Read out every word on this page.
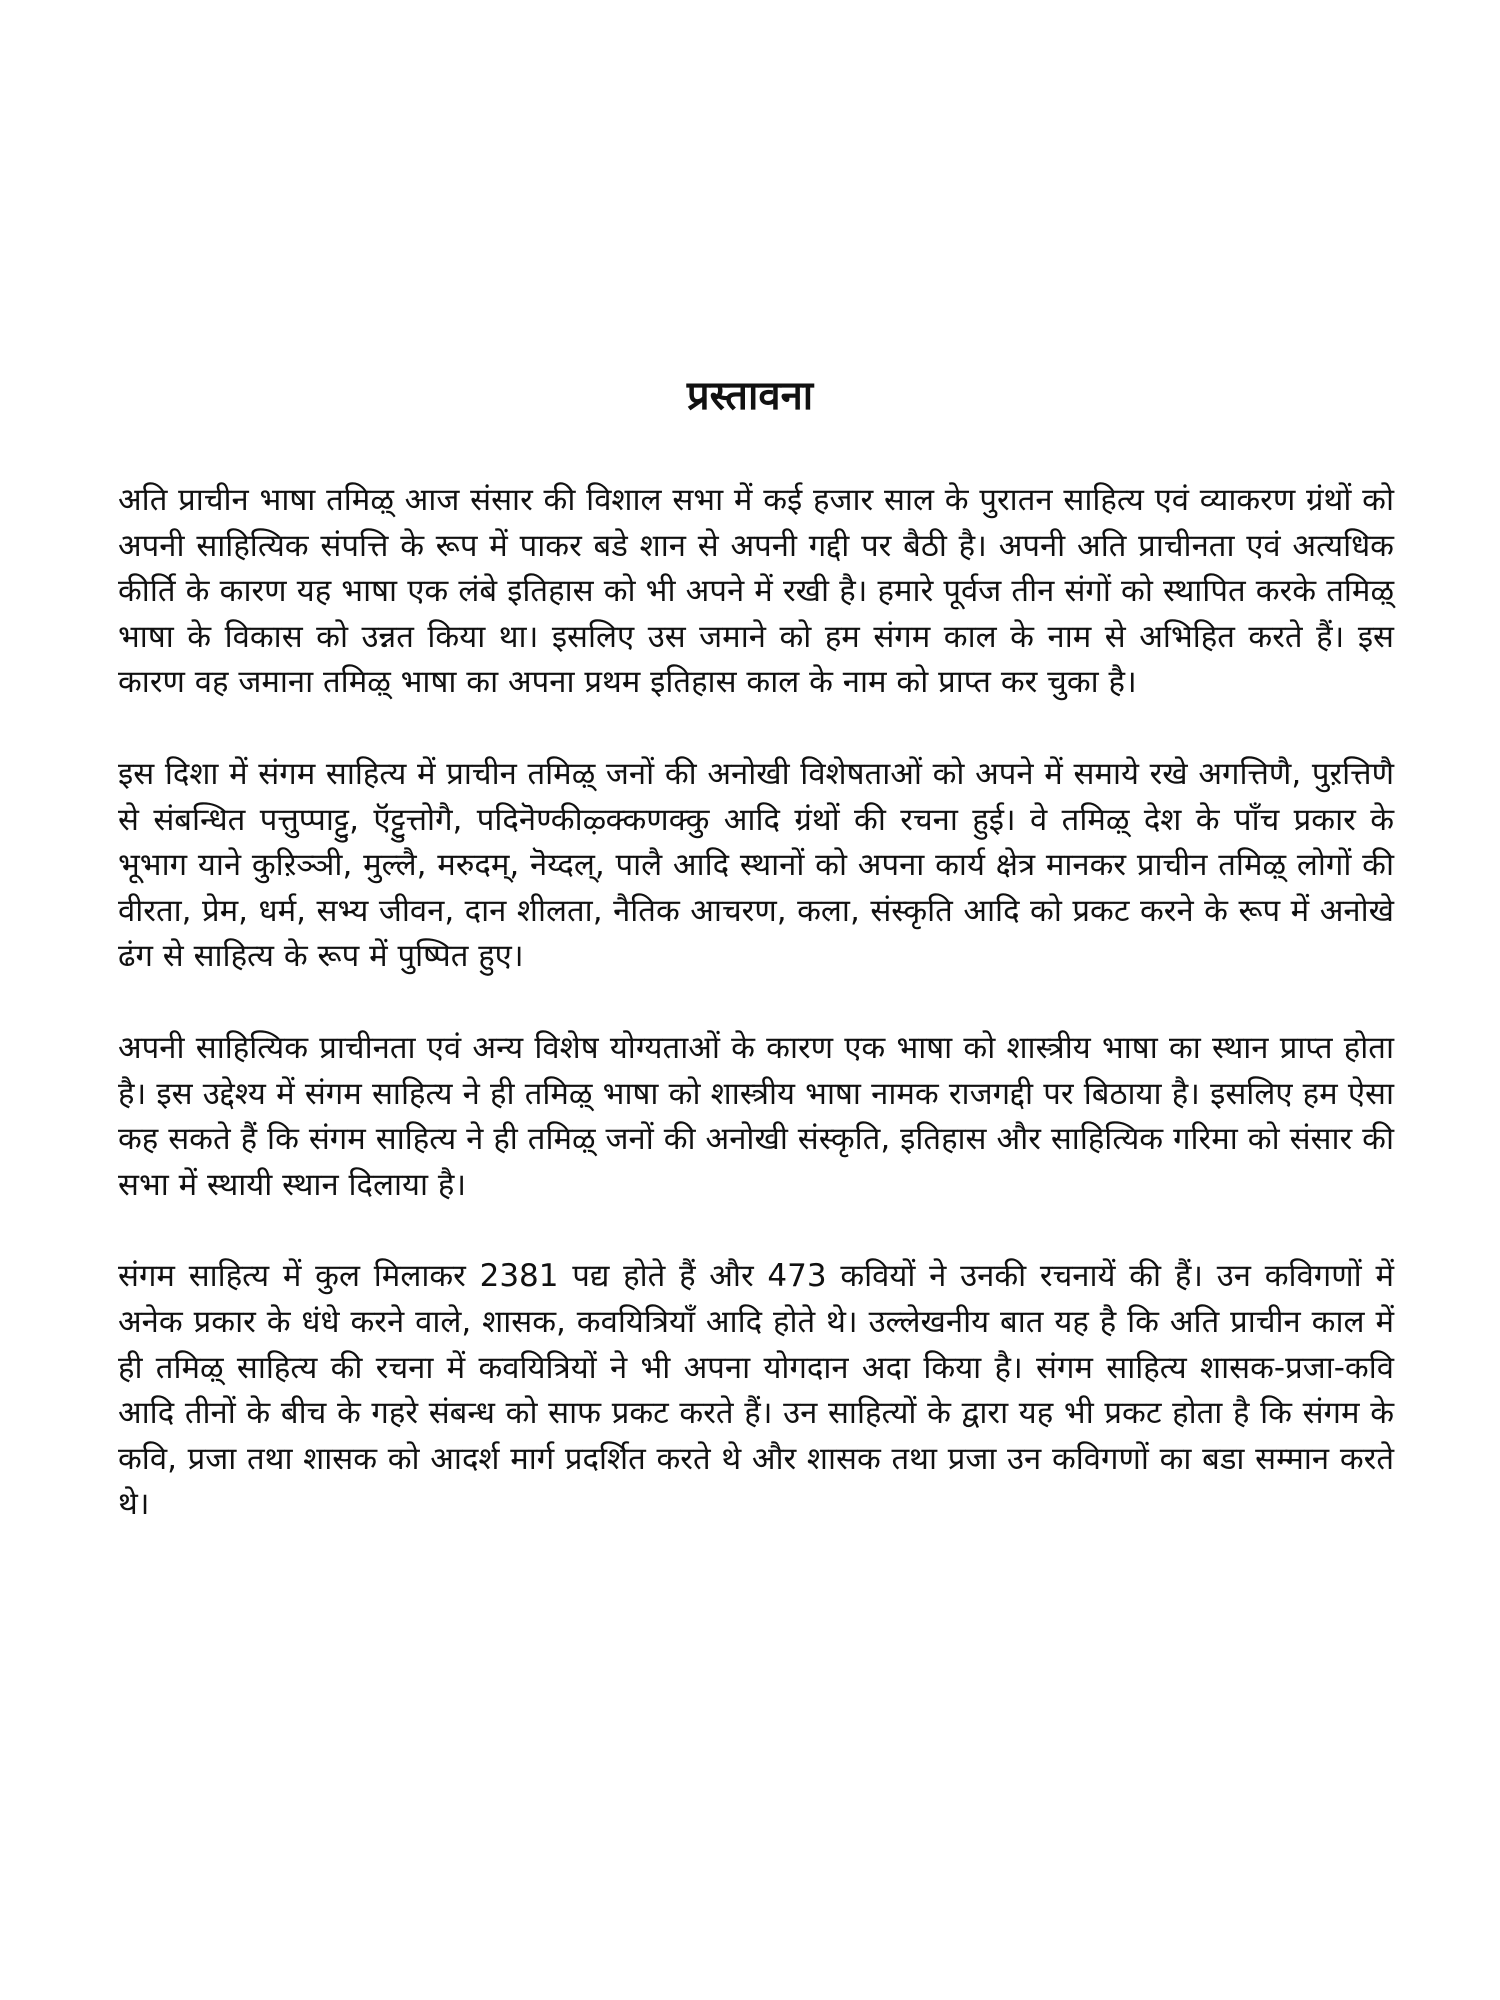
प्रस्तावना

अति प्राचीन भाषा तमिऴ् आज संसार की विशाल सभा में कई हजार साल के पुरातन साहित्य एवं व्याकरण ग्रंथों को अपनी साहित्यिक संपत्ति के रूप में पाकर बडे शान से अपनी गद्दी पर बैठी है। अपनी अति प्राचीनता एवं अत्यधिक कीर्ति के कारण यह भाषा एक लंबे इतिहास को भी अपने में रखी है। हमारे पूर्वज तीन संगों को स्थापित करके तमिऴ् भाषा के विकास को उन्नत किया था। इसलिए उस जमाने को हम संगम काल के नाम से अभिहित करते हैं। इस कारण वह जमाना तमिऴ् भाषा का अपना प्रथम इतिहास काल के नाम को प्राप्त कर चुका है।

इस दिशा में संगम साहित्य में प्राचीन तमिऴ् जनों की अनोखी विशेषताओं को अपने में समाये रखे अगत्तिणै, पुऱत्तिणै से संबन्धित पत्तुप्पाट्टु, ऍट्टुत्तोगै, पदिनॆण्कीऴ्क्कणक्कु आदि ग्रंथों की रचना हुई। वे तमिऴ् देश के पाँच प्रकार के भूभाग याने कुऱिञ्ञी, मुल्लै, मरुदम्, नॆय्दल्, पालै आदि स्थानों को अपना कार्य क्षेत्र मानकर प्राचीन तमिऴ् लोगों की वीरता, प्रेम, धर्म, सभ्य जीवन, दान शीलता, नैतिक आचरण, कला, संस्कृति आदि को प्रकट करने के रूप में अनोखे ढंग से साहित्य के रूप में पुष्पित हुए।

अपनी साहित्यिक प्राचीनता एवं अन्य विशेष योग्यताओं के कारण एक भाषा को शास्त्रीय भाषा का स्थान प्राप्त होता है। इस उद्देश्य में संगम साहित्य ने ही तमिऴ् भाषा को शास्त्रीय भाषा नामक राजगद्दी पर बिठाया है। इसलिए हम ऐसा कह सकते हैं कि संगम साहित्य ने ही तमिऴ् जनों की अनोखी संस्कृति, इतिहास और साहित्यिक गरिमा को संसार की सभा में स्थायी स्थान दिलाया है।

संगम साहित्य में कुल मिलाकर 2381 पद्य होते हैं और 473 कवियों ने उनकी रचनायें की हैं। उन कविगणों में अनेक प्रकार के धंधे करने वाले, शासक, कवयित्रियाँ आदि होते थे। उल्लेखनीय बात यह है कि अति प्राचीन काल में ही तमिऴ् साहित्य की रचना में कवयित्रियों ने भी अपना योगदान अदा किया है। संगम साहित्य शासक-प्रजा-कवि आदि तीनों के बीच के गहरे संबन्ध को साफ प्रकट करते हैं। उन साहित्यों के द्वारा यह भी प्रकट होता है कि संगम के कवि, प्रजा तथा शासक को आदर्श मार्ग प्रदर्शित करते थे और शासक तथा प्रजा उन कविगणों का बडा सम्मान करते थे।
